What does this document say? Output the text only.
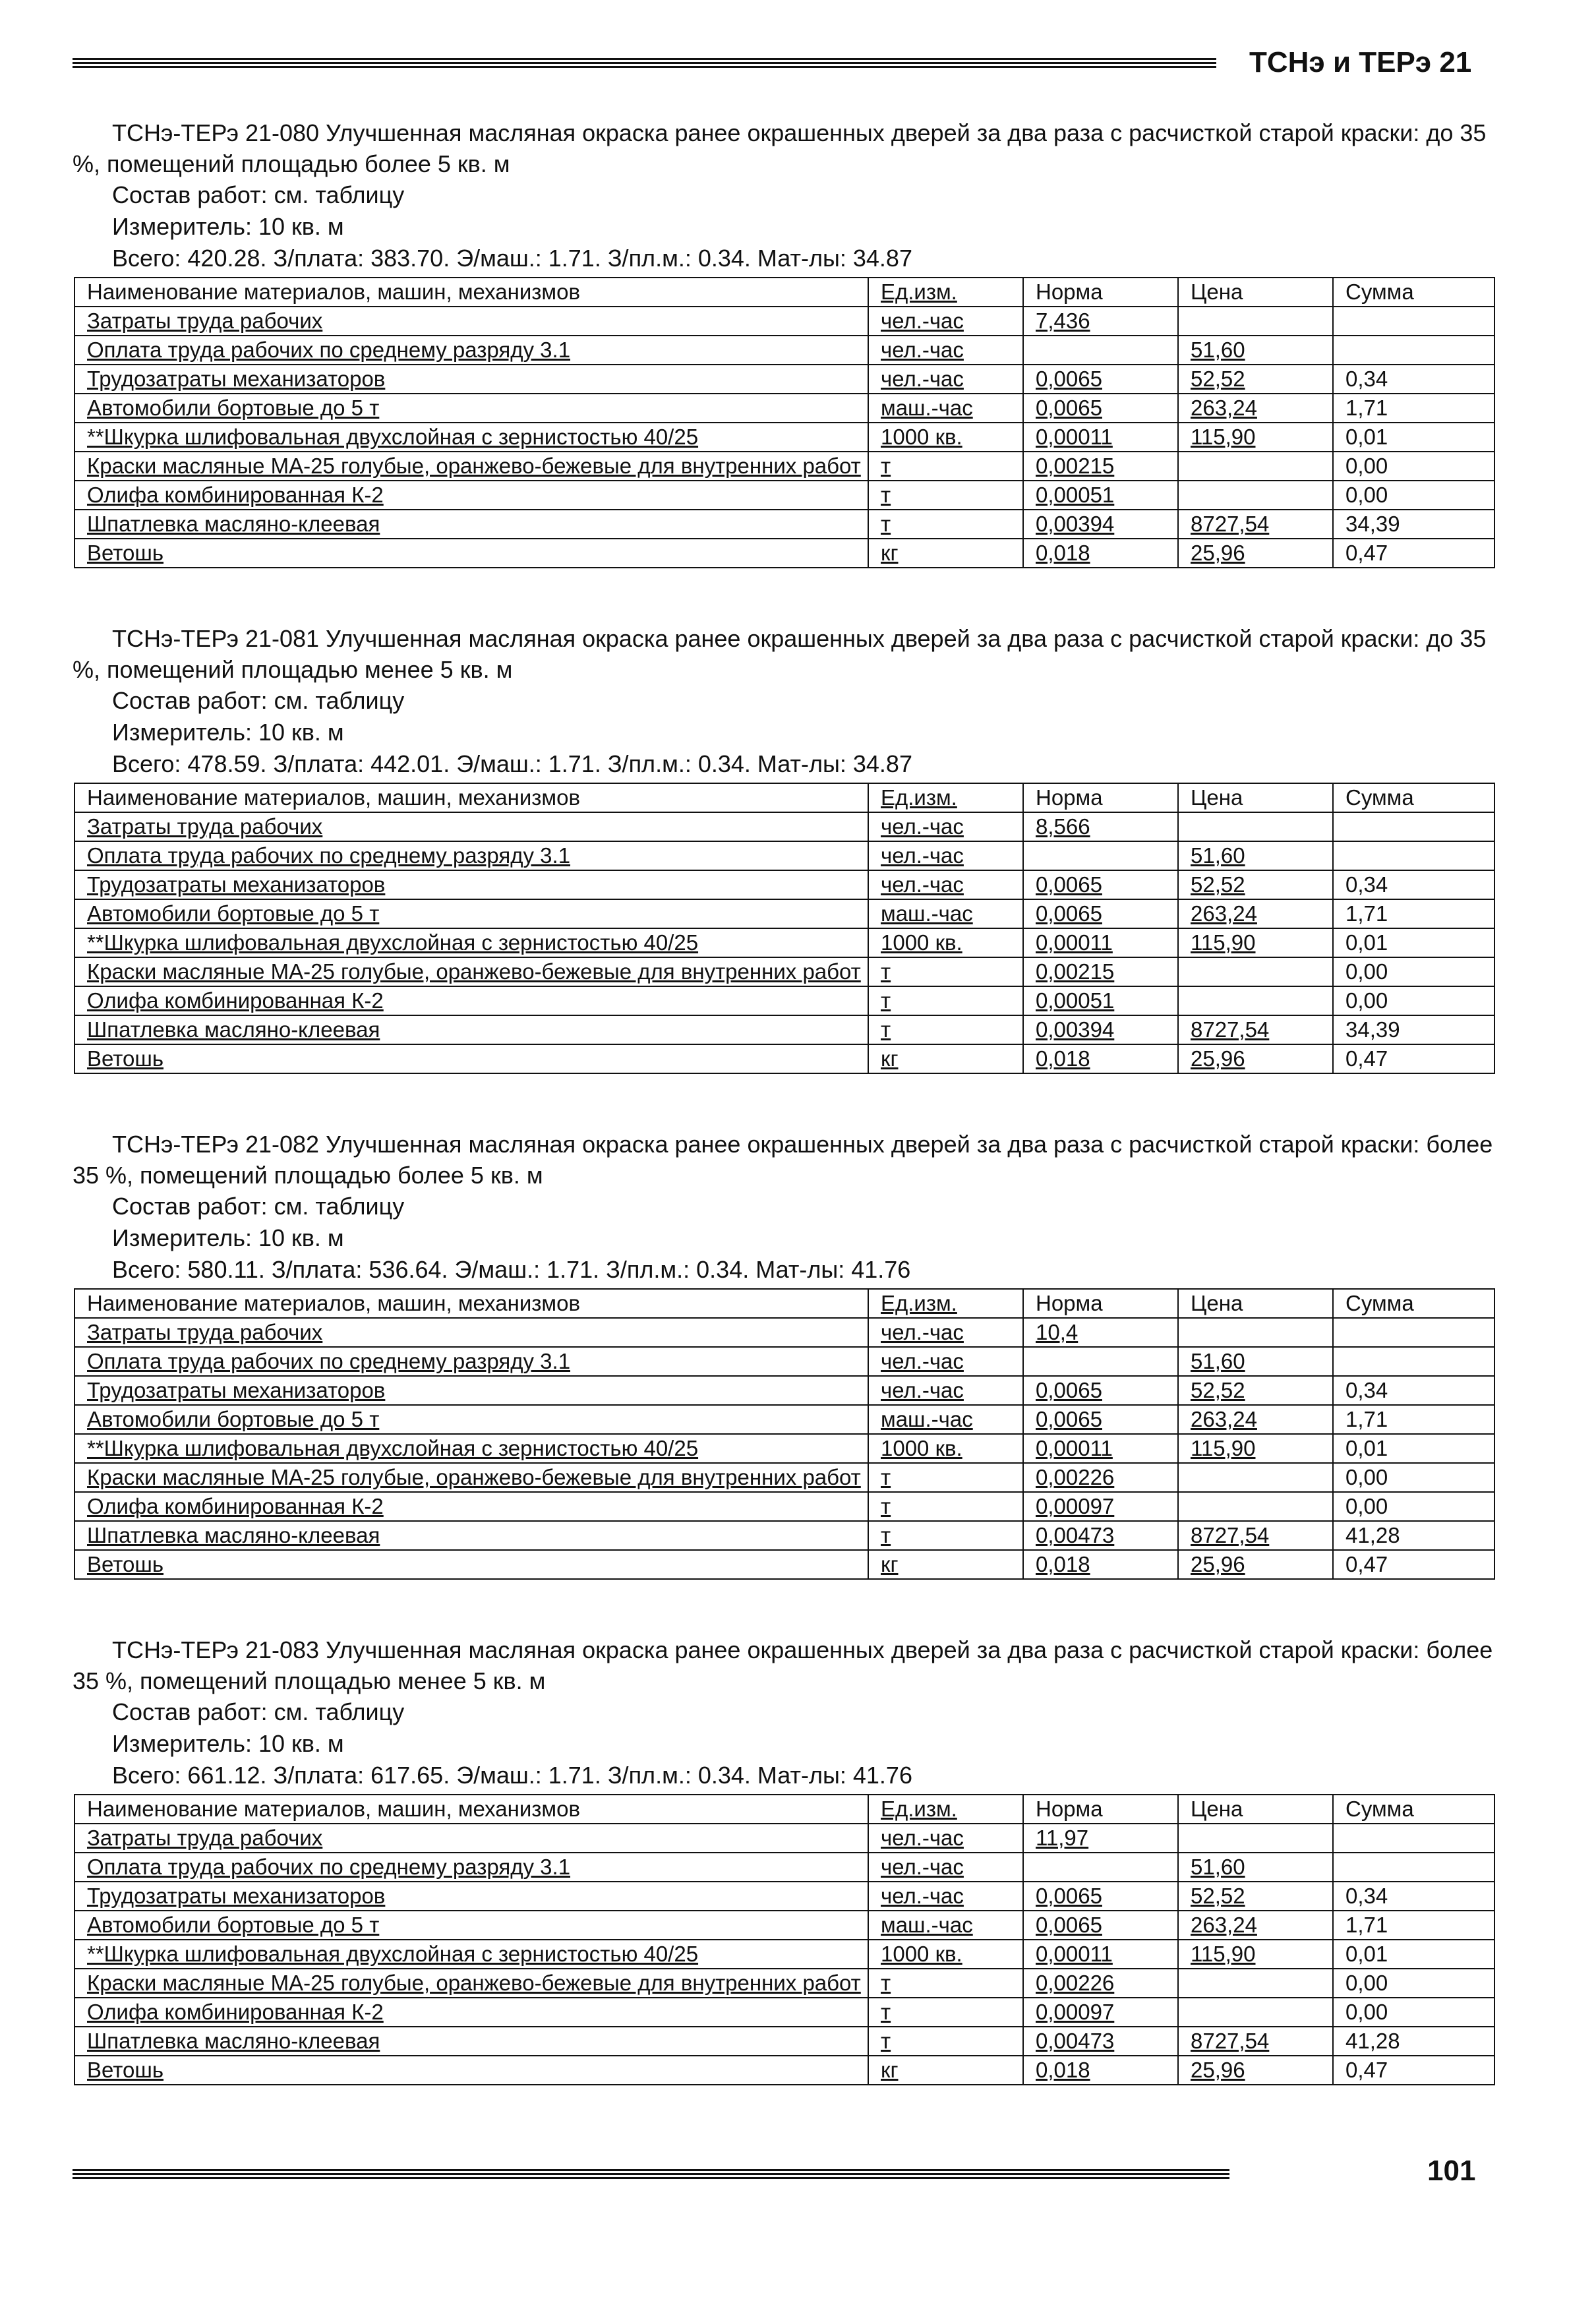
ТСНэ и ТЕРэ 21

ТСНэ-ТЕРэ 21-080 Улучшенная масляная окраска ранее окрашенных дверей за два раза с расчисткой старой краски: до 35 %, помещений площадью более 5 кв. м

Состав работ: см. таблицу

Измеритель: 10 кв. м

Всего: 420.28. З/плата: 383.70. Э/маш.: 1.71. З/пл.м.: 0.34. Мат-лы: 34.87

Наименование материалов, машин, механизмов	Ед.изм.	Норма	Цена	Сумма
Затраты труда рабочих	чел.-час	7,436		
Оплата труда рабочих по среднему разряду 3.1	чел.-час		51,60	
Трудозатраты механизаторов	чел.-час	0,0065	52,52	0,34
Автомобили бортовые до 5 т	маш.-час	0,0065	263,24	1,71
**Шкурка шлифовальная двухслойная с зернистостью 40/25	1000 кв.	0,00011	115,90	0,01
Краски масляные МА-25 голубые, оранжево-бежевые для внутренних работ	т	0,00215		0,00
Олифа комбинированная К-2	т	0,00051		0,00
Шпатлевка масляно-клеевая	т	0,00394	8727,54	34,39
Ветошь	кг	0,018	25,96	0,47

ТСНэ-ТЕРэ 21-081 Улучшенная масляная окраска ранее окрашенных дверей за два раза с расчисткой старой краски: до 35 %, помещений площадью менее 5 кв. м

Состав работ: см. таблицу

Измеритель: 10 кв. м

Всего: 478.59. З/плата: 442.01. Э/маш.: 1.71. З/пл.м.: 0.34. Мат-лы: 34.87

Наименование материалов, машин, механизмов	Ед.изм.	Норма	Цена	Сумма
Затраты труда рабочих	чел.-час	8,566		
Оплата труда рабочих по среднему разряду 3.1	чел.-час		51,60	
Трудозатраты механизаторов	чел.-час	0,0065	52,52	0,34
Автомобили бортовые до 5 т	маш.-час	0,0065	263,24	1,71
**Шкурка шлифовальная двухслойная с зернистостью 40/25	1000 кв.	0,00011	115,90	0,01
Краски масляные МА-25 голубые, оранжево-бежевые для внутренних работ	т	0,00215		0,00
Олифа комбинированная К-2	т	0,00051		0,00
Шпатлевка масляно-клеевая	т	0,00394	8727,54	34,39
Ветошь	кг	0,018	25,96	0,47

ТСНэ-ТЕРэ 21-082 Улучшенная масляная окраска ранее окрашенных дверей за два раза с расчисткой старой краски: более 35 %, помещений площадью более 5 кв. м

Состав работ: см. таблицу

Измеритель: 10 кв. м

Всего: 580.11. З/плата: 536.64. Э/маш.: 1.71. З/пл.м.: 0.34. Мат-лы: 41.76

Наименование материалов, машин, механизмов	Ед.изм.	Норма	Цена	Сумма
Затраты труда рабочих	чел.-час	10,4		
Оплата труда рабочих по среднему разряду 3.1	чел.-час		51,60	
Трудозатраты механизаторов	чел.-час	0,0065	52,52	0,34
Автомобили бортовые до 5 т	маш.-час	0,0065	263,24	1,71
**Шкурка шлифовальная двухслойная с зернистостью 40/25	1000 кв.	0,00011	115,90	0,01
Краски масляные МА-25 голубые, оранжево-бежевые для внутренних работ	т	0,00226		0,00
Олифа комбинированная К-2	т	0,00097		0,00
Шпатлевка масляно-клеевая	т	0,00473	8727,54	41,28
Ветошь	кг	0,018	25,96	0,47

ТСНэ-ТЕРэ 21-083 Улучшенная масляная окраска ранее окрашенных дверей за два раза с расчисткой старой краски: более 35 %, помещений площадью менее 5 кв. м

Состав работ: см. таблицу

Измеритель: 10 кв. м

Всего: 661.12. З/плата: 617.65. Э/маш.: 1.71. З/пл.м.: 0.34. Мат-лы: 41.76

Наименование материалов, машин, механизмов	Ед.изм.	Норма	Цена	Сумма
Затраты труда рабочих	чел.-час	11,97		
Оплата труда рабочих по среднему разряду 3.1	чел.-час		51,60	
Трудозатраты механизаторов	чел.-час	0,0065	52,52	0,34
Автомобили бортовые до 5 т	маш.-час	0,0065	263,24	1,71
**Шкурка шлифовальная двухслойная с зернистостью 40/25	1000 кв.	0,00011	115,90	0,01
Краски масляные МА-25 голубые, оранжево-бежевые для внутренних работ	т	0,00226		0,00
Олифа комбинированная К-2	т	0,00097		0,00
Шпатлевка масляно-клеевая	т	0,00473	8727,54	41,28
Ветошь	кг	0,018	25,96	0,47
101
